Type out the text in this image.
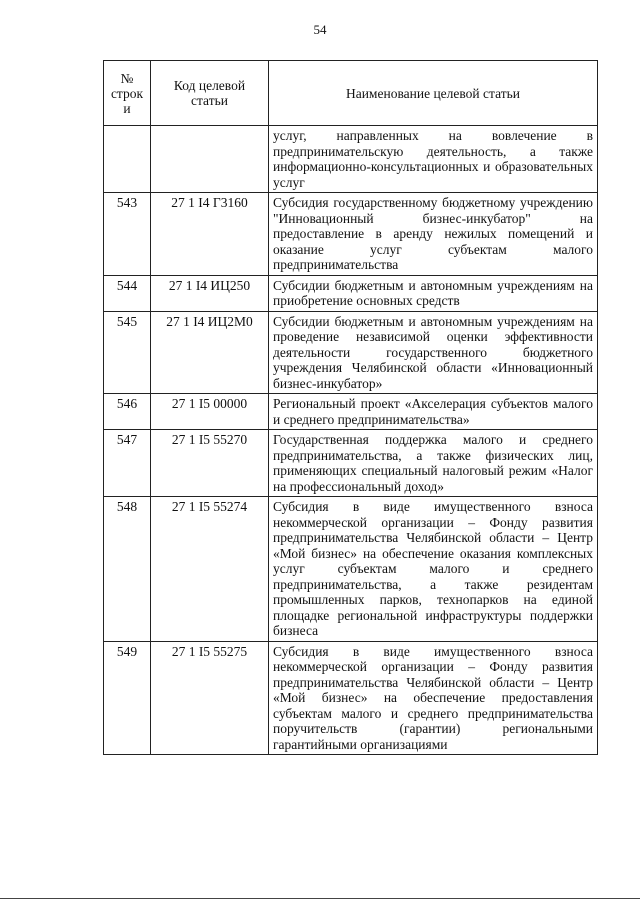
54
№ строк и	Код целевой статьи	Наименование целевой статьи
		услуг, направленных на вовлечение в предпринимательскую деятельность, а также информационно-консультационных и образовательных услуг
543	27 1 I4 Г3160	Субсидия государственному бюджетному учреждению "Инновационный бизнес-инкубатор" на предоставление в аренду нежилых помещений и оказание услуг субъектам малого предпринимательства
544	27 1 I4 ИЦ250	Субсидии бюджетным и автономным учреждениям на приобретение основных средств
545	27 1 I4 ИЦ2М0	Субсидии бюджетным и автономным учреждениям на проведение независимой оценки эффективности деятельности государственного бюджетного учреждения Челябинской области «Инновационный бизнес-инкубатор»
546	27 1 I5 00000	Региональный проект «Акселерация субъектов малого и среднего предпринимательства»
547	27 1 I5 55270	Государственная поддержка малого и среднего предпринимательства, а также физических лиц, применяющих специальный налоговый режим «Налог на профессиональный доход»
548	27 1 I5 55274	Субсидия в виде имущественного взноса некоммерческой организации – Фонду развития предпринимательства Челябинской области – Центр «Мой бизнес» на обеспечение оказания комплексных услуг субъектам малого и среднего предпринимательства, а также резидентам промышленных парков, технопарков на единой площадке региональной инфраструктуры поддержки бизнеса
549	27 1 I5 55275	Субсидия в виде имущественного взноса некоммерческой организации – Фонду развития предпринимательства Челябинской области – Центр «Мой бизнес» на обеспечение предоставления субъектам малого и среднего предпринимательства поручительств (гарантии) региональными гарантийными организациями
